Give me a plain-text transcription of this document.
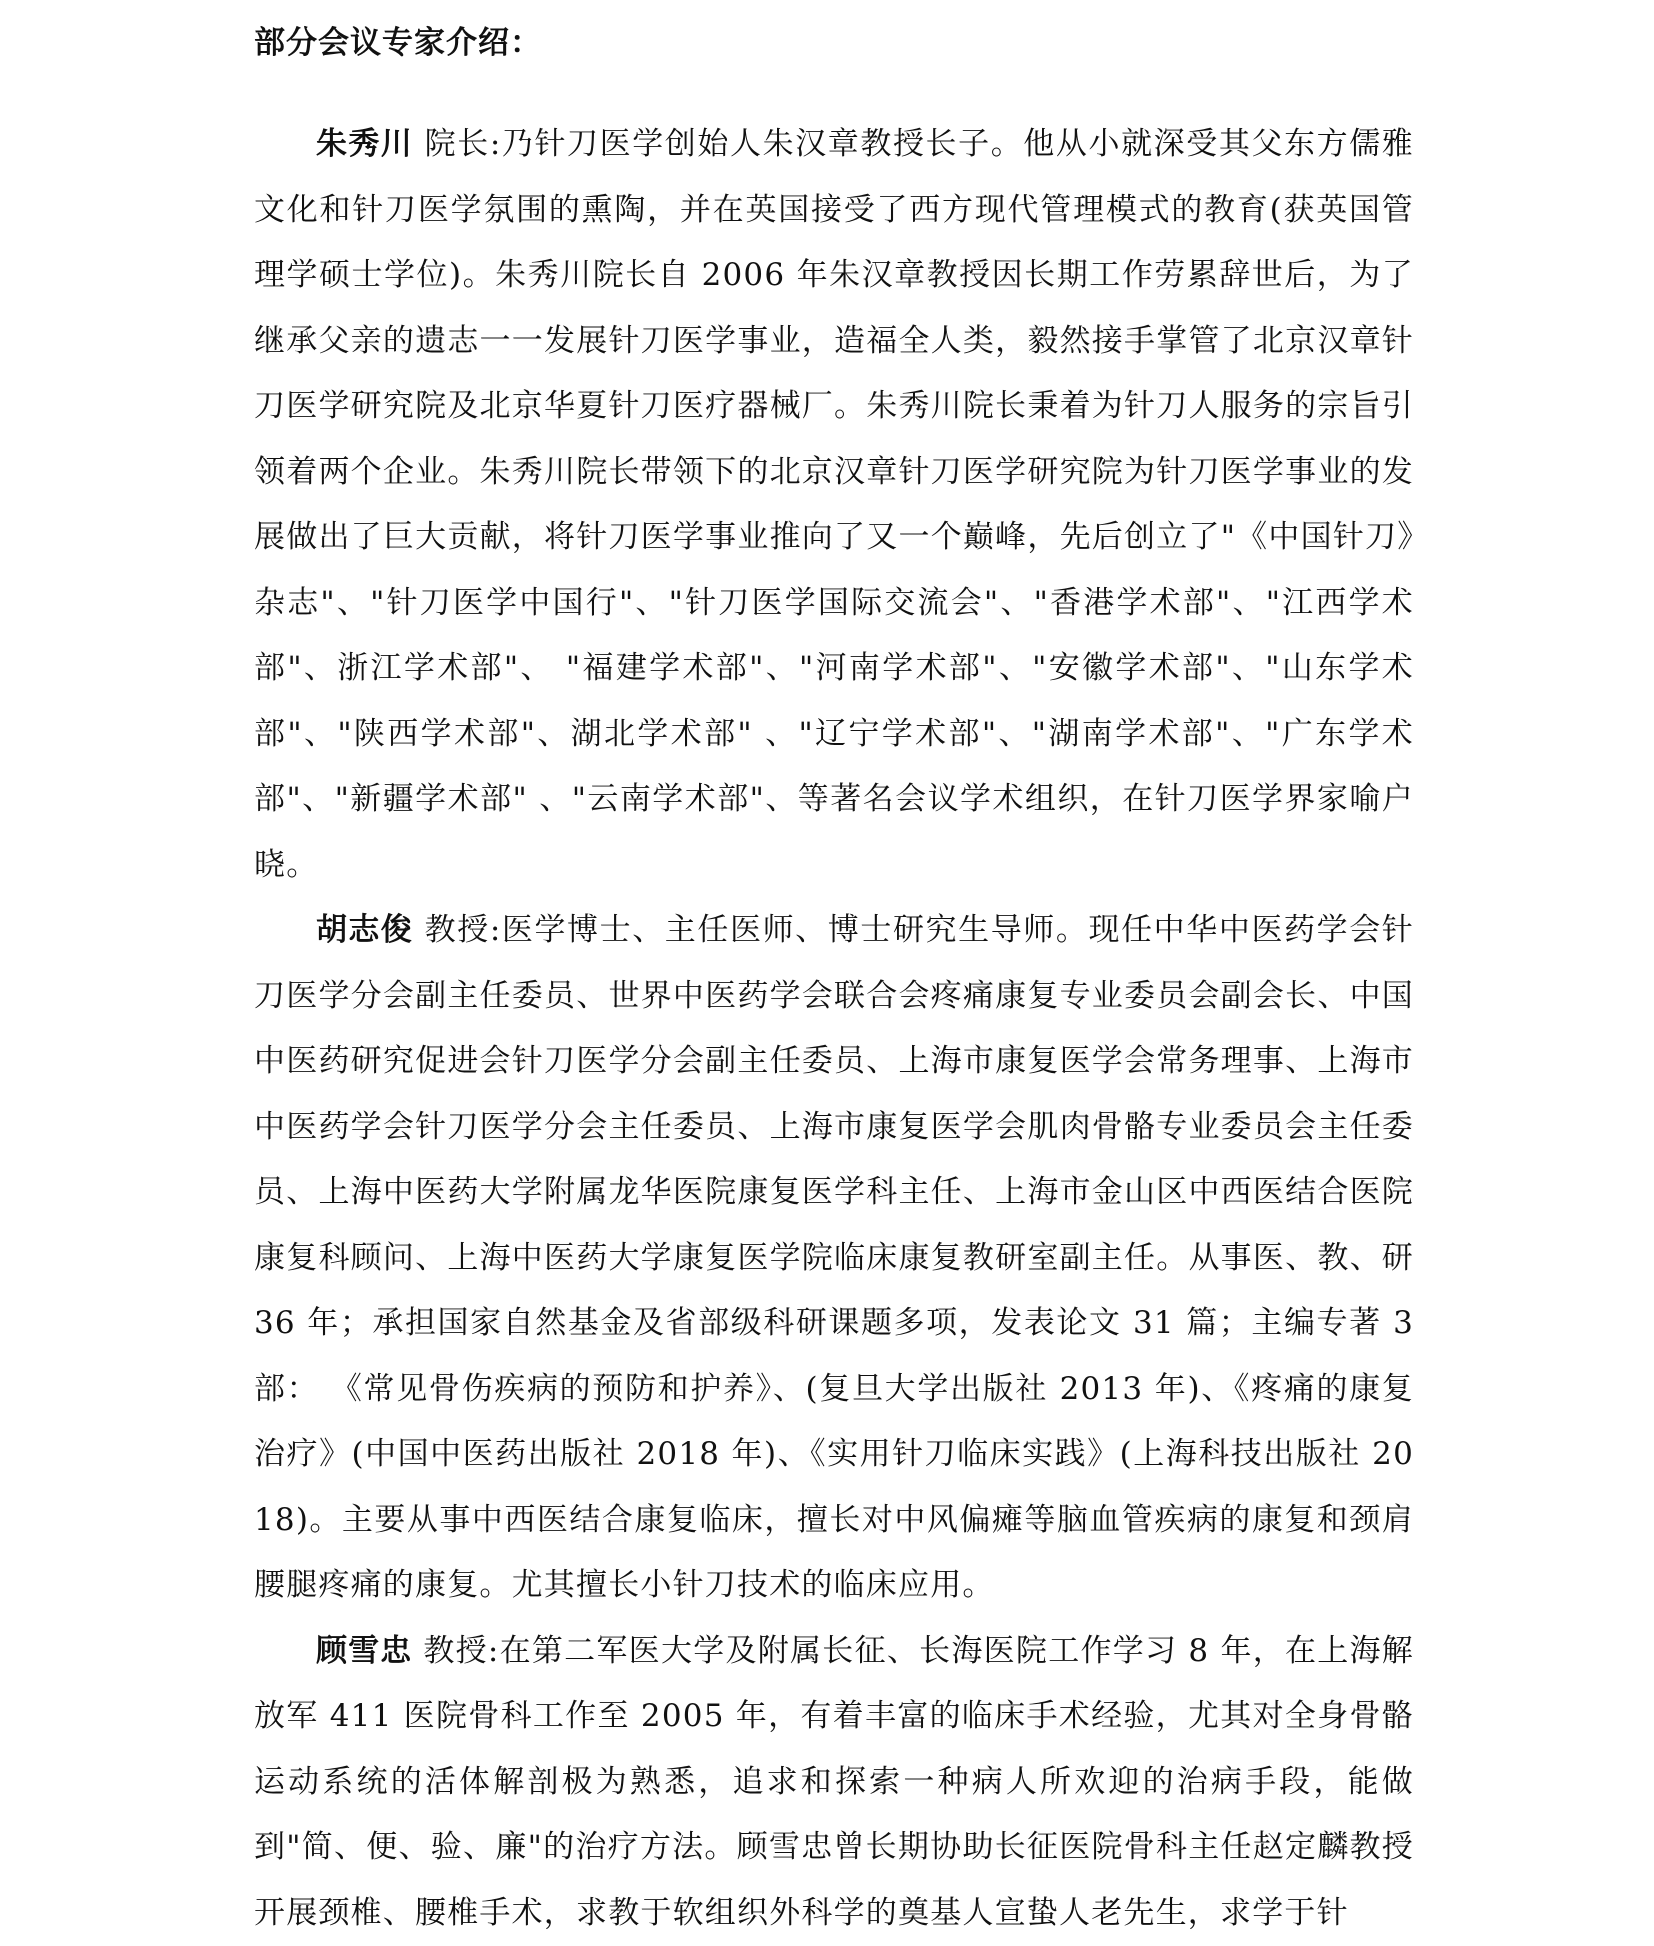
部分会议专家介绍：

朱秀川 院长:乃针刀医学创始人朱汉章教授长子。他从小就深受其父东方儒雅文化和针刀医学氛围的熏陶，并在英国接受了西方现代管理模式的教育(获英国管理学硕士学位)。朱秀川院长自 2006 年朱汉章教授因长期工作劳累辞世后，为了继承父亲的遗志一一发展针刀医学事业，造福全人类，毅然接手掌管了北京汉章针刀医学研究院及北京华夏针刀医疗器械厂。朱秀川院长秉着为针刀人服务的宗旨引领着两个企业。朱秀川院长带领下的北京汉章针刀医学研究院为针刀医学事业的发展做出了巨大贡献，将针刀医学事业推向了又一个巅峰，先后创立了"《中国针刀》杂志"、"针刀医学中国行"、"针刀医学国际交流会"、"香港学术部"、"江西学术部"、浙江学术部"、 "福建学术部"、"河南学术部"、"安徽学术部"、"山东学术部"、"陕西学术部"、湖北学术部" 、"辽宁学术部"、"湖南学术部"、"广东学术部"、"新疆学术部" 、"云南学术部"、等著名会议学术组织，在针刀医学界家喻户晓。

胡志俊 教授:医学博士、主任医师、博士研究生导师。现任中华中医药学会针刀医学分会副主任委员、世界中医药学会联合会疼痛康复专业委员会副会长、中国中医药研究促进会针刀医学分会副主任委员、上海市康复医学会常务理事、上海市中医药学会针刀医学分会主任委员、上海市康复医学会肌肉骨骼专业委员会主任委员、上海中医药大学附属龙华医院康复医学科主任、上海市金山区中西医结合医院康复科顾问、上海中医药大学康复医学院临床康复教研室副主任。从事医、教、研 36 年；承担国家自然基金及省部级科研课题多项，发表论文 31 篇；主编专著 3 部： 《常见骨伤疾病的预防和护养》、(复旦大学出版社 2013 年)、《疼痛的康复治疗》(中国中医药出版社 2018 年)、《实用针刀临床实践》(上海科技出版社 2018)。主要从事中西医结合康复临床，擅长对中风偏瘫等脑血管疾病的康复和颈肩腰腿疼痛的康复。尤其擅长小针刀技术的临床应用。

顾雪忠 教授:在第二军医大学及附属长征、长海医院工作学习 8 年，在上海解放军 411 医院骨科工作至 2005 年，有着丰富的临床手术经验，尤其对全身骨骼运动系统的活体解剖极为熟悉，追求和探索一种病人所欢迎的治病手段，能做到"简、便、验、廉"的治疗方法。顾雪忠曾长期协助长征医院骨科主任赵定麟教授开展颈椎、腰椎手术，求教于软组织外科学的奠基人宣蛰人老先生，求学于针
